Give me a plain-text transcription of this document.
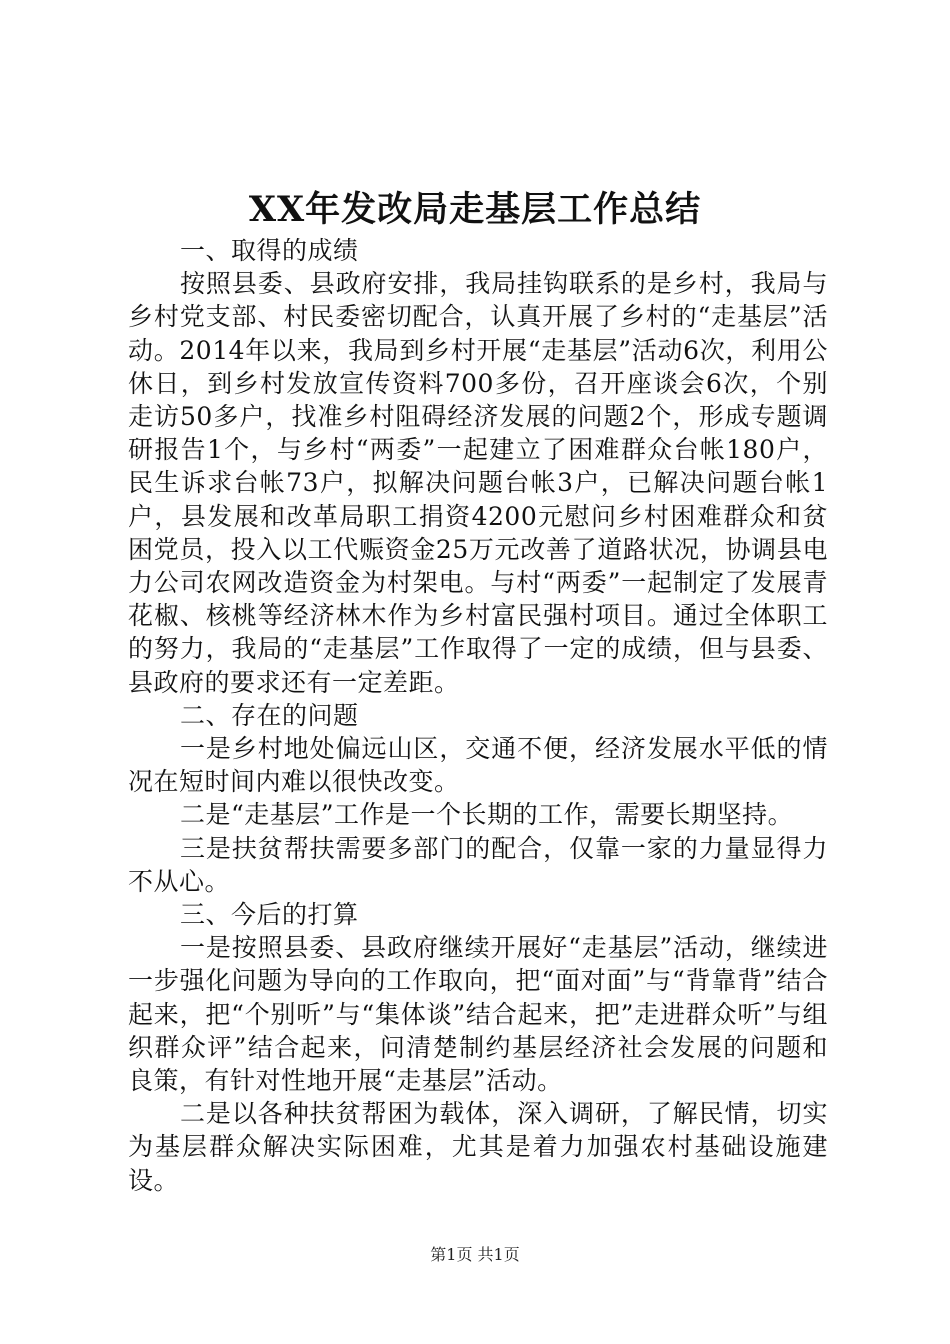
XX年发改局走基层工作总结

一、取得的成绩

按照县委、县政府安排，我局挂钩联系的是乡村，我局与乡村党支部、村民委密切配合，认真开展了乡村的“走基层”活动。2014年以来，我局到乡村开展“走基层”活动6次，利用公休日，到乡村发放宣传资料700多份，召开座谈会6次，个别走访50多户，找准乡村阻碍经济发展的问题2个，形成专题调研报告1个，与乡村“两委”一起建立了困难群众台帐180户，民生诉求台帐73户，拟解决问题台帐3户，已解决问题台帐1户，县发展和改革局职工捐资4200元慰问乡村困难群众和贫困党员，投入以工代赈资金25万元改善了道路状况，协调县电力公司农网改造资金为村架电。与村“两委”一起制定了发展青花椒、核桃等经济林木作为乡村富民强村项目。通过全体职工的努力，我局的“走基层”工作取得了一定的成绩，但与县委、县政府的要求还有一定差距。

二、存在的问题

一是乡村地处偏远山区，交通不便，经济发展水平低的情况在短时间内难以很快改变。

二是“走基层”工作是一个长期的工作，需要长期坚持。

三是扶贫帮扶需要多部门的配合，仅靠一家的力量显得力不从心。

三、今后的打算

一是按照县委、县政府继续开展好“走基层”活动，继续进一步强化问题为导向的工作取向，把“面对面”与“背靠背”结合起来，把“个别听”与“集体谈”结合起来，把”走进群众听”与组织群众评”结合起来，问清楚制约基层经济社会发展的问题和良策，有针对性地开展“走基层”活动。

二是以各种扶贫帮困为载体，深入调研，了解民情，切实为基层群众解决实际困难，尤其是着力加强农村基础设施建设。

第1页 共1页
